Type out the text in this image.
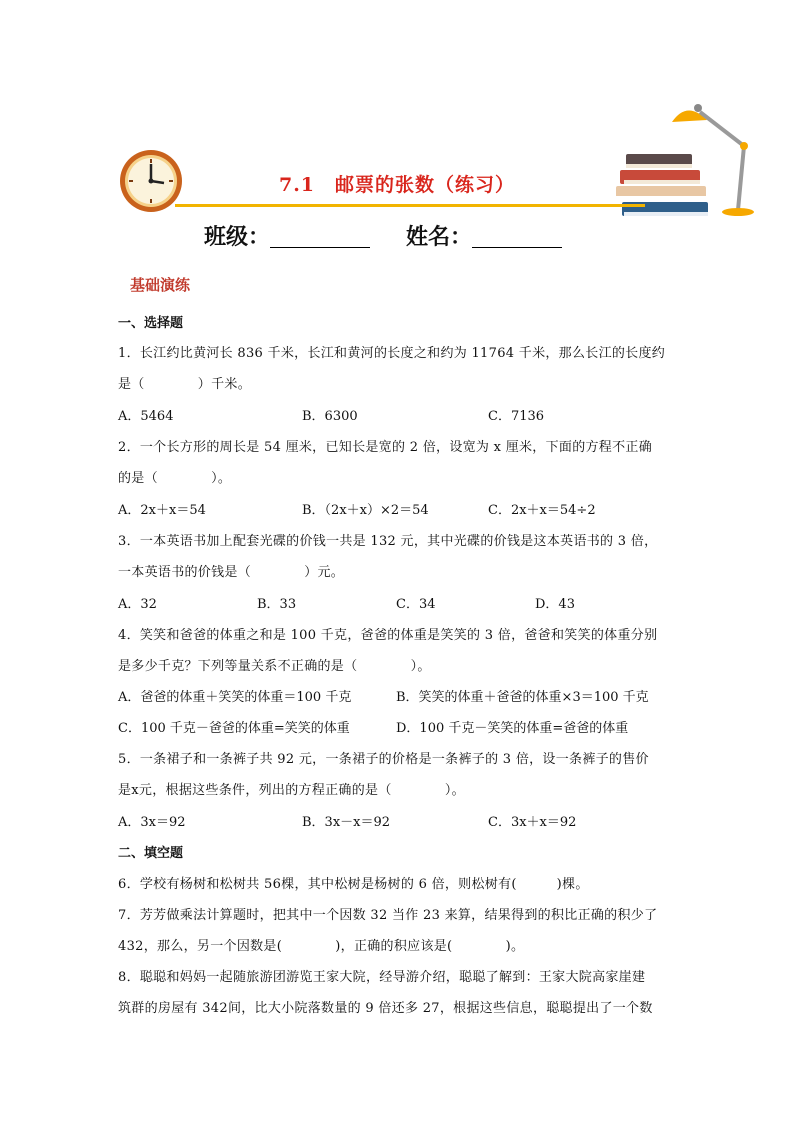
7.1　邮票的张数（练习）
班级：	姓名：
基础演练
一、选择题
1．长江约比黄河长 836 千米，长江和黄河的长度之和约为 11764 千米，那么长江的长度约
是（　　　　）千米。
A．5464	B．6300	C．7136
2．一个长方形的周长是 54 厘米，已知长是宽的 2 倍，设宽为 x 厘米，下面的方程不正确
的是（　　　　）。
A．2x＋x＝54	B．（2x＋x）×2＝54	C．2x＋x＝54÷2
3．一本英语书加上配套光碟的价钱一共是 132 元，其中光碟的价钱是这本英语书的 3 倍，
一本英语书的价钱是（　　　　）元。
A．32	B．33	C．34	D．43
4．笑笑和爸爸的体重之和是 100 千克，爸爸的体重是笑笑的 3 倍，爸爸和笑笑的体重分别
是多少千克？下列等量关系不正确的是（　　　　）。
A．爸爸的体重＋笑笑的体重＝100 千克	B．笑笑的体重＋爸爸的体重×3＝100 千克
C．100 千克－爸爸的体重=笑笑的体重	D．100 千克－笑笑的体重=爸爸的体重
5．一条裙子和一条裤子共 92 元，一条裙子的价格是一条裤子的 3 倍，设一条裤子的售价
是x元，根据这些条件，列出的方程正确的是（　　　　）。
A．3x＝92	B．3x－x＝92	C．3x＋x＝92
二、填空题
6．学校有杨树和松树共 56棵，其中松树是杨树的 6 倍，则松树有(　　　)棵。
7．芳芳做乘法计算题时，把其中一个因数 32 当作 23 来算，结果得到的积比正确的积少了
432，那么，另一个因数是(　　　　)，正确的积应该是(　　　　)。
8．聪聪和妈妈一起随旅游团游览王家大院，经导游介绍，聪聪了解到：王家大院高家崖建
筑群的房屋有 342间，比大小院落数量的 9 倍还多 27，根据这些信息，聪聪提出了一个数
